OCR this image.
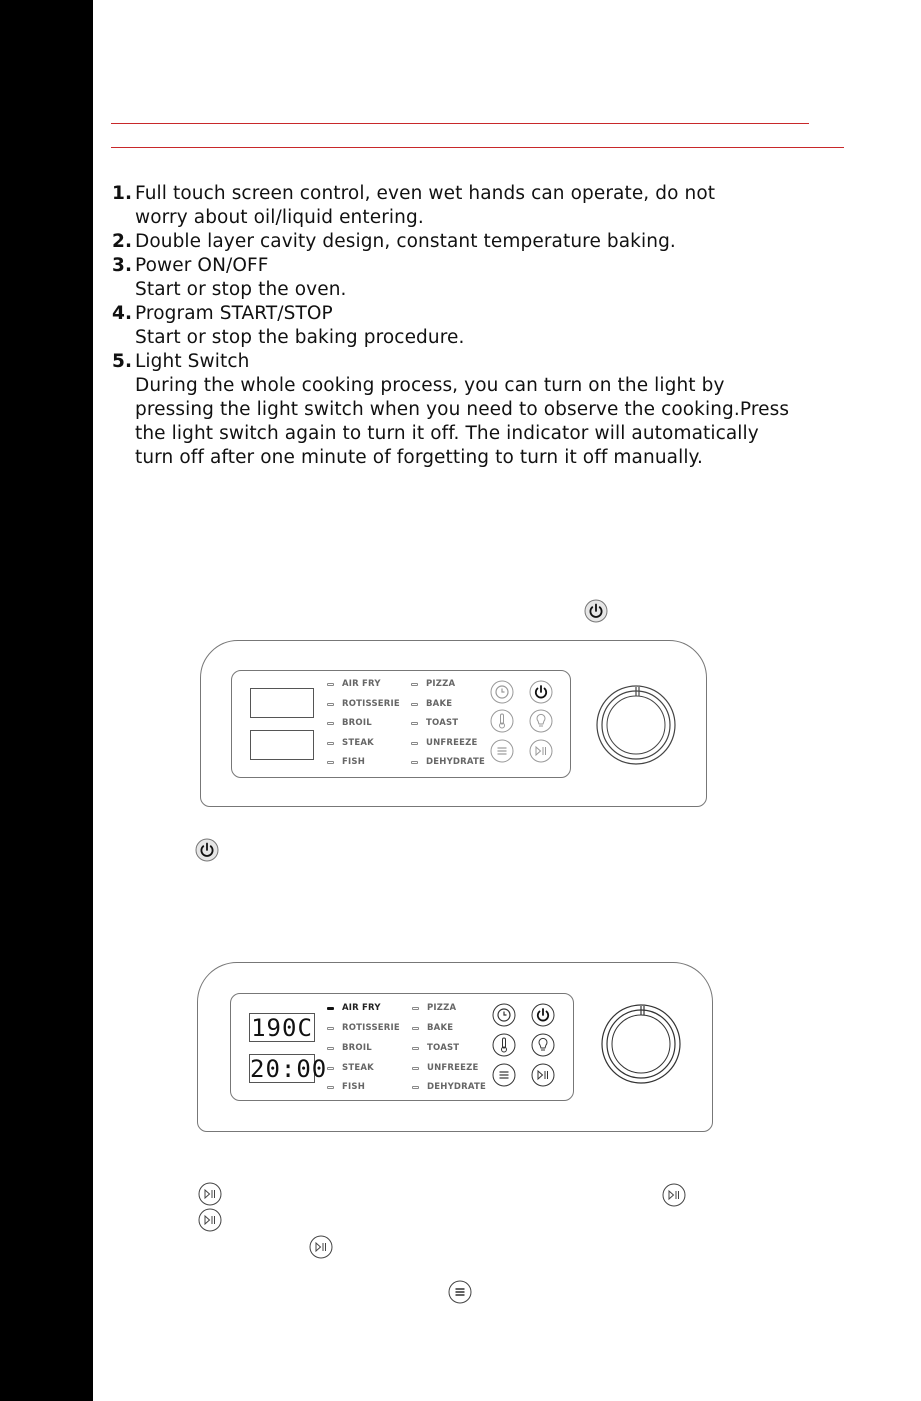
1. Full touch screen control, even wet hands can operate, do not
worry about oil/liquid entering.
2. Double layer cavity design, constant temperature baking.
3. Power ON/OFF
Start or stop the oven.
4. Program START/STOP
Start or stop the baking procedure.
5. Light Switch
During the whole cooking process, you can turn on the light by
pressing the light switch when you need to observe the cooking.Press
the light switch again to turn it off. The indicator will automatically
turn off after one minute of forgetting to turn it off manually.
AIR FRY
ROTISSERIE
BROIL
STEAK
FISH
PIZZA
BAKE
TOAST
UNFREEZE
DEHYDRATE
190C
20:00
AIR FRY
ROTISSERIE
BROIL
STEAK
FISH
PIZZA
BAKE
TOAST
UNFREEZE
DEHYDRATE
